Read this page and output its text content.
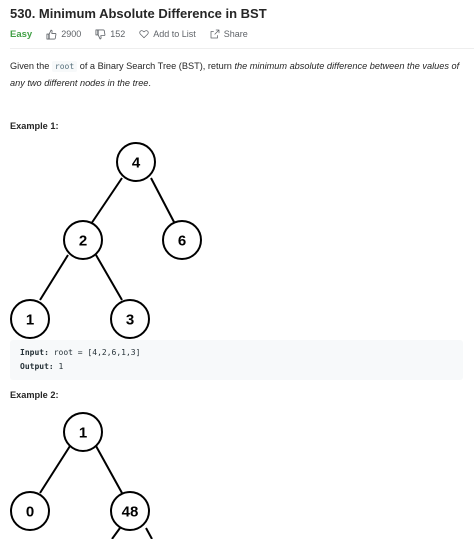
530. Minimum Absolute Difference in BST
Easy	2900	152	Add to List	Share
Given the root of a Binary Search Tree (BST), return the minimum absolute difference between the values of any two different nodes in the tree.
Example 1:
4
2	6
1	3
Input: root = [4,2,6,1,3]
Output: 1
Example 2:
1
0	48
